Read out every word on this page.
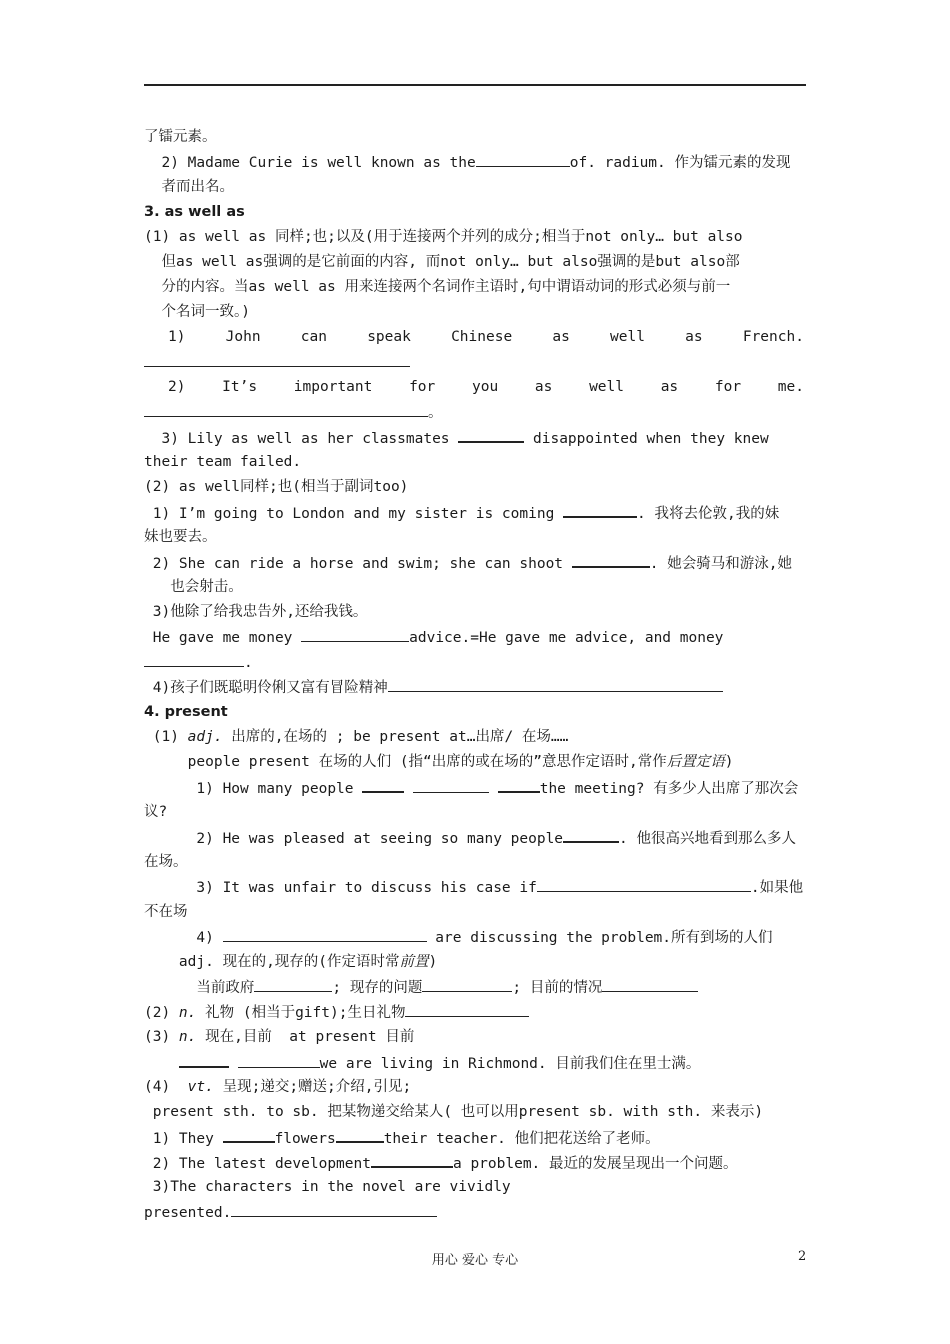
了镭元素。
2) Madame Curie is well known as the	of. radium. 作为镭元素的发现
者而出名。
3. as well as
(1) as well as 同样;也;以及(用于连接两个并列的成分;相当于not only… but also
但as well as强调的是它前面的内容, 而not only… but also强调的是but also部
分的内容。当as well as 用来连接两个名词作主语时,句中谓语动词的形式必须与前一
个名词一致。)
1)	John	can	speak	Chinese	as	well	as	French.
2)	It’s	important	for	you	as	well	as	for	me.
。
3) Lily as well as her classmates	disappointed when they knew
their team failed.
(2) as well同样;也(相当于副词too)
1) I’m going to London and my sister is coming	. 我将去伦敦,我的妹
妹也要去。
2) She can ride a horse and swim; she can shoot	. 她会骑马和游泳,她
也会射击。
3)他除了给我忠告外,还给我钱。
He gave me money	advice.=He gave me advice, and money
.
4)孩子们既聪明伶俐又富有冒险精神
4. present
(1) adj. 出席的,在场的 ; be present at…出席/ 在场……
people present 在场的人们 (指“出席的或在场的”意思作定语时,常作后置定语)
1) How many people	the meeting? 有多少人出席了那次会
议?
2) He was pleased at seeing so many people	. 他很高兴地看到那么多人
在场。
3) It was unfair to discuss his case if	.如果他
不在场
4)	are discussing the problem.所有到场的人们
adj. 现在的,现存的(作定语时常前置)
当前政府	; 现存的问题	; 目前的情况
(2) n. 礼物 (相当于gift);生日礼物
(3) n. 现在,目前  at present 目前
we are living in Richmond. 目前我们住在里士满。
(4)  vt. 呈现;递交;赠送;介绍,引见;
present sth. to sb. 把某物递交给某人( 也可以用present sb. with sth. 来表示)
1) They	flowers	their teacher. 他们把花送给了老师。
2) The latest development	a problem. 最近的发展呈现出一个问题。
3)The characters in the novel are vividly
presented.
用心 爱心 专心	2
